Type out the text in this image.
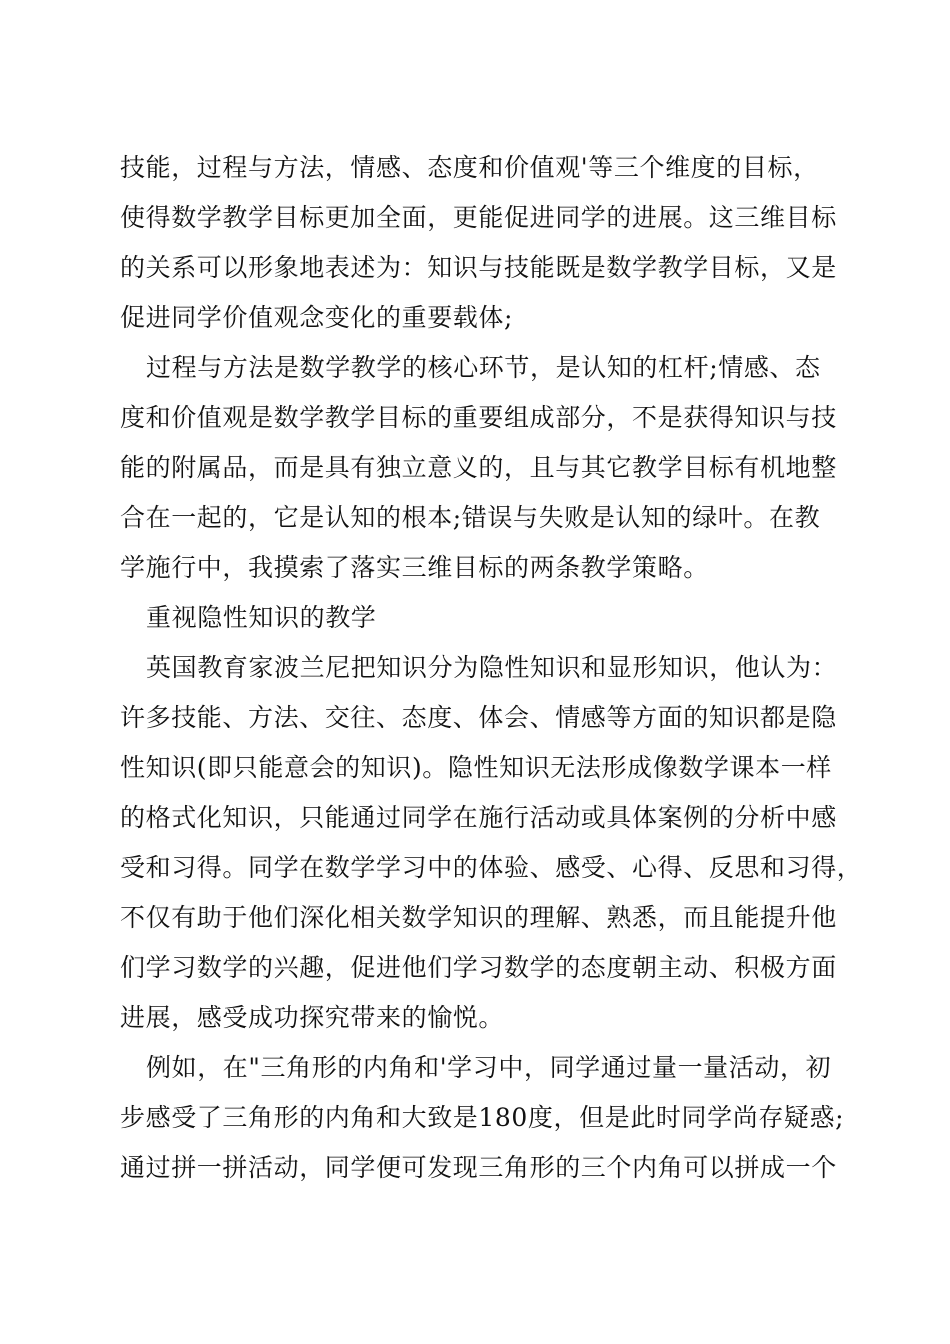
技能，过程与方法，情感、态度和价值观'等三个维度的目标，
使得数学教学目标更加全面，更能促进同学的进展。这三维目标
的关系可以形象地表述为：知识与技能既是数学教学目标，又是
促进同学价值观念变化的重要载体;
过程与方法是数学教学的核心环节，是认知的杠杆;情感、态
度和价值观是数学教学目标的重要组成部分，不是获得知识与技
能的附属品，而是具有独立意义的，且与其它教学目标有机地整
合在一起的，它是认知的根本;错误与失败是认知的绿叶。在教
学施行中，我摸索了落实三维目标的两条教学策略。
重视隐性知识的教学
英国教育家波兰尼把知识分为隐性知识和显形知识，他认为：
许多技能、方法、交往、态度、体会、情感等方面的知识都是隐
性知识(即只能意会的知识)。隐性知识无法形成像数学课本一样
的格式化知识，只能通过同学在施行活动或具体案例的分析中感
受和习得。同学在数学学习中的体验、感受、心得、反思和习得，
不仅有助于他们深化相关数学知识的理解、熟悉，而且能提升他
们学习数学的兴趣，促进他们学习数学的态度朝主动、积极方面
进展，感受成功探究带来的愉悦。
例如，在"三角形的内角和'学习中，同学通过量一量活动，初
步感受了三角形的内角和大致是180度，但是此时同学尚存疑惑;
通过拼一拼活动，同学便可发现三角形的三个内角可以拼成一个
